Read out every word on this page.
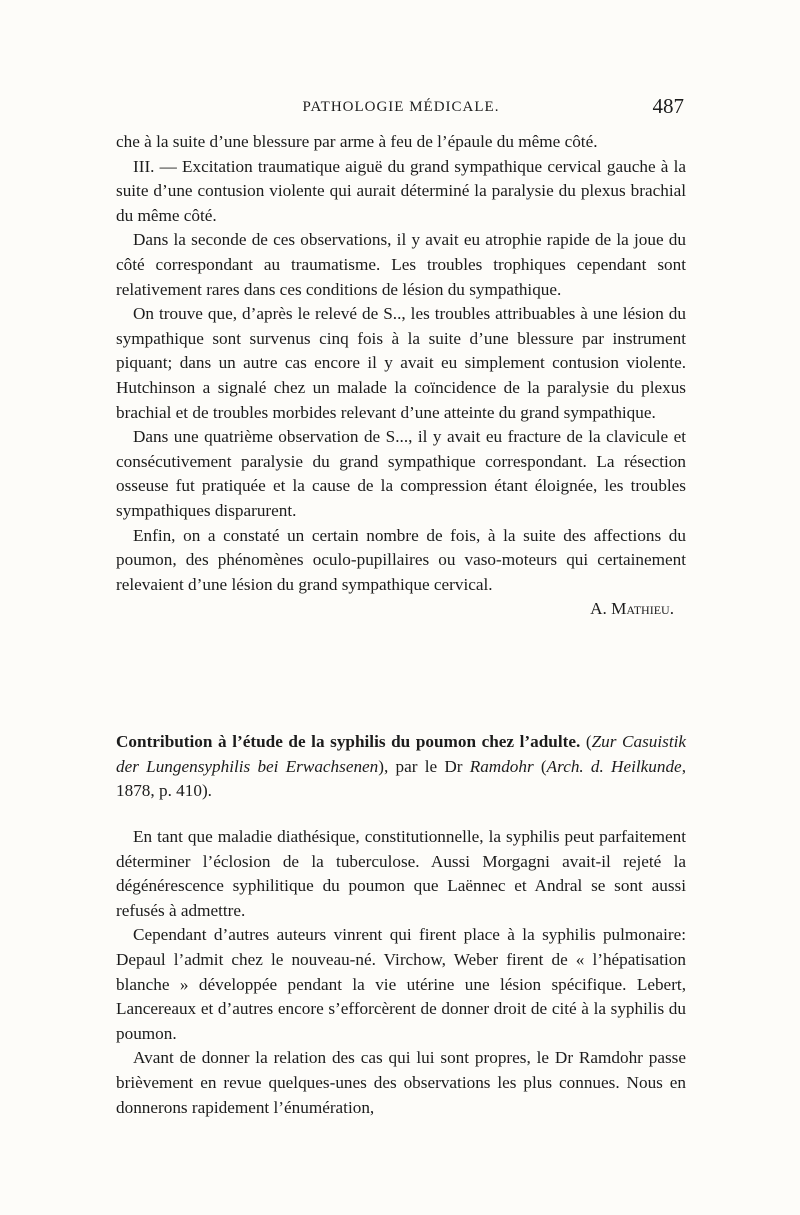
PATHOLOGIE MÉDICALE.	487

che à la suite d’une blessure par arme à feu de l’épaule du même côté.

III. — Excitation traumatique aiguë du grand sympathique cervical gauche à la suite d’une contusion violente qui aurait déterminé la paralysie du plexus brachial du même côté.

Dans la seconde de ces observations, il y avait eu atrophie rapide de la joue du côté correspondant au traumatisme. Les troubles trophiques cependant sont relativement rares dans ces conditions de lésion du sympathique.

On trouve que, d’après le relevé de S.., les troubles attribuables à une lésion du sympathique sont survenus cinq fois à la suite d’une blessure par instrument piquant; dans un autre cas encore il y avait eu simplement contusion violente. Hutchinson a signalé chez un malade la coïncidence de la paralysie du plexus brachial et de troubles morbides relevant d’une atteinte du grand sympathique.

Dans une quatrième observation de S..., il y avait eu fracture de la clavicule et consécutivement paralysie du grand sympathique correspondant. La résection osseuse fut pratiquée et la cause de la compression étant éloignée, les troubles sympathiques disparurent.

Enfin, on a constaté un certain nombre de fois, à la suite des affections du poumon, des phénomènes oculo-pupillaires ou vaso-moteurs qui certainement relevaient d’une lésion du grand sympathique cervical.

A. Mathieu.

Contribution à l’étude de la syphilis du poumon chez l’adulte. (Zur Casuistik der Lungensyphilis bei Erwachsenen), par le Dr Ramdohr (Arch. d. Heilkunde, 1878, p. 410).

En tant que maladie diathésique, constitutionnelle, la syphilis peut parfaitement déterminer l’éclosion de la tuberculose. Aussi Morgagni avait-il rejeté la dégénérescence syphilitique du poumon que Laënnec et Andral se sont aussi refusés à admettre.

Cependant d’autres auteurs vinrent qui firent place à la syphilis pulmonaire: Depaul l’admit chez le nouveau-né. Virchow, Weber firent de « l’hépatisation blanche » développée pendant la vie utérine une lésion spécifique. Lebert, Lancereaux et d’autres encore s’efforcèrent de donner droit de cité à la syphilis du poumon.

Avant de donner la relation des cas qui lui sont propres, le Dr Ramdohr passe brièvement en revue quelques-unes des observations les plus connues. Nous en donnerons rapidement l’énumération,
